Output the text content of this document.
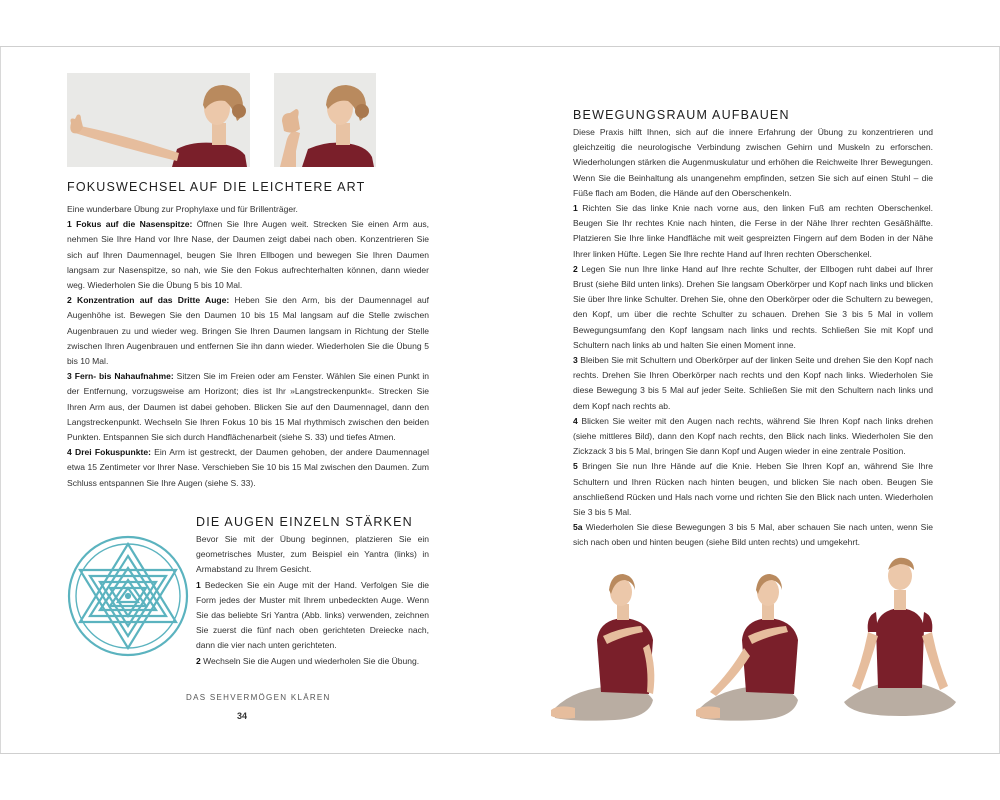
FOKUSWECHSEL AUF DIE LEICHTERE ART

Eine wunderbare Übung zur Prophylaxe und für Brillenträger.

1 Fokus auf die Nasenspitze: Öffnen Sie Ihre Augen weit. Strecken Sie einen Arm aus, nehmen Sie Ihre Hand vor Ihre Nase, der Daumen zeigt dabei nach oben. Konzentrieren Sie sich auf Ihren Daumennagel, beugen Sie Ihren Ellbogen und bewegen Sie Ihren Daumen langsam zur Nasenspitze, so nah, wie Sie den Fokus aufrechterhalten können, dann wieder weg. Wiederholen Sie die Übung 5 bis 10 Mal.

2 Konzentration auf das Dritte Auge: Heben Sie den Arm, bis der Daumennagel auf Augenhöhe ist. Bewegen Sie den Daumen 10 bis 15 Mal langsam auf die Stelle zwischen Augenbrauen zu und wieder weg. Bringen Sie Ihren Daumen langsam in Richtung der Stelle zwischen Ihren Augenbrauen und entfernen Sie ihn dann wieder. Wiederholen Sie die Übung 5 bis 10 Mal.

3 Fern- bis Nahaufnahme: Sitzen Sie im Freien oder am Fenster. Wählen Sie einen Punkt in der Entfernung, vorzugsweise am Horizont; dies ist Ihr »Langstreckenpunkt«. Strecken Sie Ihren Arm aus, der Daumen ist dabei gehoben. Blicken Sie auf den Daumennagel, dann den Langstreckenpunkt. Wechseln Sie Ihren Fokus 10 bis 15 Mal rhythmisch zwischen den beiden Punkten. Entspannen Sie sich durch Handflächenarbeit (siehe S. 33) und tiefes Atmen.

4 Drei Fokuspunkte: Ein Arm ist gestreckt, der Daumen gehoben, der andere Daumennagel etwa 15 Zentimeter vor Ihrer Nase. Verschieben Sie 10 bis 15 Mal zwischen den Daumen. Zum Schluss entspannen Sie Ihre Augen (siehe S. 33).

DIE AUGEN EINZELN STÄRKEN

Bevor Sie mit der Übung beginnen, platzieren Sie ein geometrisches Muster, zum Beispiel ein Yantra (links) in Armabstand zu Ihrem Gesicht.

1 Bedecken Sie ein Auge mit der Hand. Verfolgen Sie die Form jedes der Muster mit Ihrem unbedeckten Auge. Wenn Sie das beliebte Sri Yantra (Abb. links) verwenden, zeichnen Sie zuerst die fünf nach oben gerichteten Dreiecke nach, dann die vier nach unten gerichteten.

2 Wechseln Sie die Augen und wiederholen Sie die Übung.

DAS SEHVERMÖGEN KLÄREN
34
BEWEGUNGSRAUM AUFBAUEN

Diese Praxis hilft Ihnen, sich auf die innere Erfahrung der Übung zu konzentrieren und gleichzeitig die neurologische Verbindung zwischen Gehirn und Muskeln zu erforschen. Wiederholungen stärken die Augenmuskulatur und erhöhen die Reichweite Ihrer Bewegungen. Wenn Sie die Beinhaltung als unangenehm empfinden, setzen Sie sich auf einen Stuhl – die Füße flach am Boden, die Hände auf den Oberschenkeln.

1 Richten Sie das linke Knie nach vorne aus, den linken Fuß am rechten Oberschenkel. Beugen Sie Ihr rechtes Knie nach hinten, die Ferse in der Nähe Ihrer rechten Gesäßhälfte. Platzieren Sie Ihre linke Handfläche mit weit gespreizten Fingern auf dem Boden in der Nähe Ihrer linken Hüfte. Legen Sie Ihre rechte Hand auf Ihren rechten Oberschenkel.

2 Legen Sie nun Ihre linke Hand auf Ihre rechte Schulter, der Ellbogen ruht dabei auf Ihrer Brust (siehe Bild unten links). Drehen Sie langsam Oberkörper und Kopf nach links und blicken Sie über Ihre linke Schulter. Drehen Sie, ohne den Oberkörper oder die Schultern zu bewegen, den Kopf, um über die rechte Schulter zu schauen. Drehen Sie 3 bis 5 Mal in vollem Bewegungsumfang den Kopf langsam nach links und rechts. Schließen Sie mit Kopf und Schultern nach links ab und halten Sie einen Moment inne.

3 Bleiben Sie mit Schultern und Oberkörper auf der linken Seite und drehen Sie den Kopf nach rechts. Drehen Sie Ihren Oberkörper nach rechts und den Kopf nach links. Wiederholen Sie diese Bewegung 3 bis 5 Mal auf jeder Seite. Schließen Sie mit den Schultern nach links und dem Kopf nach rechts ab.

4 Blicken Sie weiter mit den Augen nach rechts, während Sie Ihren Kopf nach links drehen (siehe mittleres Bild), dann den Kopf nach rechts, den Blick nach links. Wiederholen Sie den Zickzack 3 bis 5 Mal, bringen Sie dann Kopf und Augen wieder in eine zentrale Position.

5 Bringen Sie nun Ihre Hände auf die Knie. Heben Sie Ihren Kopf an, während Sie Ihre Schultern und Ihren Rücken nach hinten beugen, und blicken Sie nach oben. Beugen Sie anschließend Rücken und Hals nach vorne und richten Sie den Blick nach unten. Wiederholen Sie 3 bis 5 Mal.

5a Wiederholen Sie diese Bewegungen 3 bis 5 Mal, aber schauen Sie nach unten, wenn Sie sich nach oben und hinten beugen (siehe Bild unten rechts) und umgekehrt.
